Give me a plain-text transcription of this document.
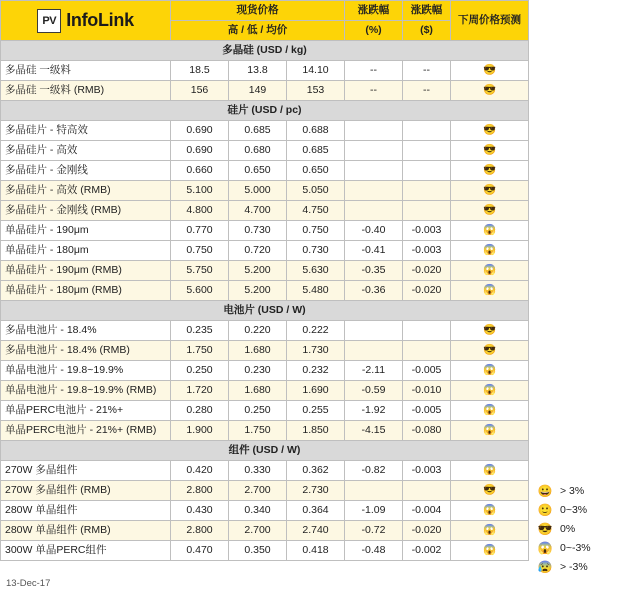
PV InfoLink	现货价格			涨跌幅	涨跌幅	下周价格预测
	高 / 低 / 均价			(%)	($)	
多晶硅 (USD / kg)						
多晶硅 一级料	18.5	13.8	14.10	--	--	😎
多晶硅 一级料 (RMB)	156	149	153	--	--	😎
硅片 (USD / pc)						
多晶硅片 - 特高效	0.690	0.685	0.688			😎
多晶硅片 - 高效	0.690	0.680	0.685			😎
多晶硅片 - 金刚线	0.660	0.650	0.650			😎
多晶硅片 - 高效 (RMB)	5.100	5.000	5.050			😎
多晶硅片 - 金刚线 (RMB)	4.800	4.700	4.750			😎
单晶硅片 - 190μm	0.770	0.730	0.750	-0.40	-0.003	😱
单晶硅片 - 180μm	0.750	0.720	0.730	-0.41	-0.003	😱
单晶硅片 - 190μm (RMB)	5.750	5.200	5.630	-0.35	-0.020	😱
单晶硅片 - 180μm (RMB)	5.600	5.200	5.480	-0.36	-0.020	😱
电池片 (USD / W)						
多晶电池片 - 18.4%	0.235	0.220	0.222			😎
多晶电池片 - 18.4% (RMB)	1.750	1.680	1.730			😎
单晶电池片 - 19.8~19.9%	0.250	0.230	0.232	-2.11	-0.005	😱
单晶电池片 - 19.8~19.9% (RMB)	1.720	1.680	1.690	-0.59	-0.010	😱
单晶PERC电池片 - 21%+	0.280	0.250	0.255	-1.92	-0.005	😱
单晶PERC电池片 - 21%+ (RMB)	1.900	1.750	1.850	-4.15	-0.080	😱
组件 (USD / W)						
270W 多晶组件	0.420	0.330	0.362	-0.82	-0.003	😱
270W 多晶组件 (RMB)	2.800	2.700	2.730			😎
280W 单晶组件	0.430	0.340	0.364	-1.09	-0.004	😱
280W 单晶组件 (RMB)	2.800	2.700	2.740	-0.72	-0.020	😱
300W 单晶PERC组件	0.470	0.350	0.418	-0.48	-0.002	😱
😀 > 3%
🙂 0~3%
😎 0%
😱 0~-3%
😰 > -3%
13-Dec-17
